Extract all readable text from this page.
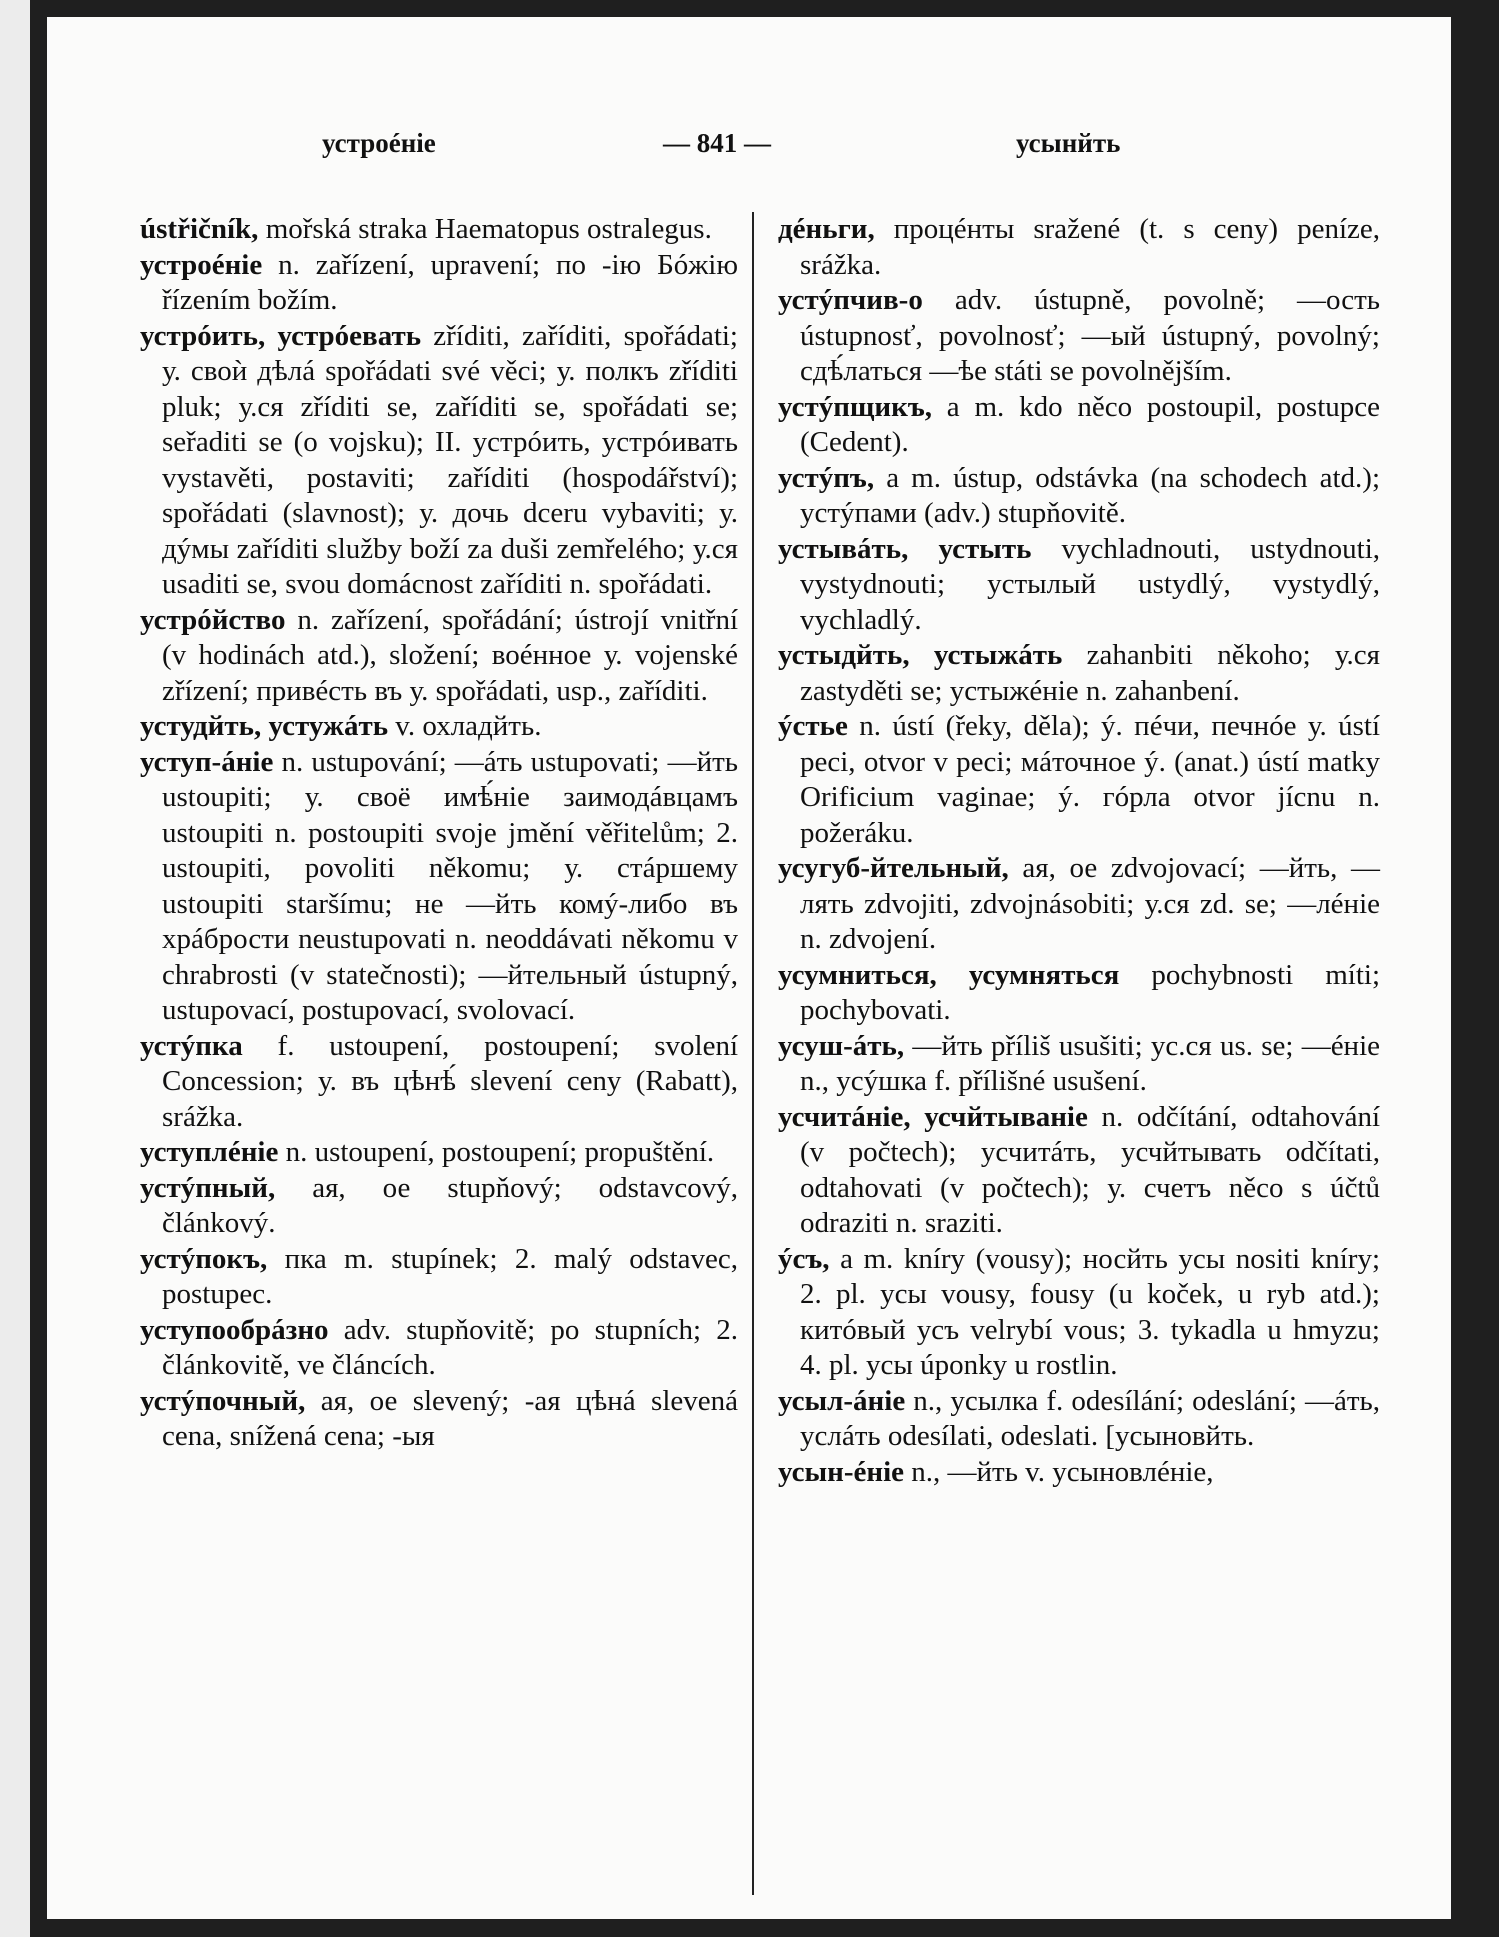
устроéніе	— 841 —	усынйть

ústřičník, mořská straka Haematopus ostralegus.

устроéніе n. zařízení, upravení; по -ію Бóжію řízením božím.

устрóить, устрóевать zříditi, zaříditi, spořádati; у. своѝ дѣлá spořádati své věci; у. полкъ zříditi pluk; у.ся zříditi se, zaříditi se, spořádati se; seřaditi se (o vojsku); II. устрóить, устрóивать vystavěti, postaviti; zaříditi (hospodářství); spořádati (slavnost); у. дочь dceru vybaviti; у. дýмы zaříditi služby boží za duši zemřelého; у.ся usaditi se, svou domácnost zaříditi n. spořádati.

устрóйство n. zařízení, spořádání; ústrojí vnitřní (v hodinách atd.), složení; воéнное у. vojenské zřízení; привéсть въ у. spořádati, usp., zaříditi.

устудйть, устужáть v. охладйть.

уступ-áніе n. ustupování; —áть ustupovati; —йть ustoupiti; у. своё имѣ́ніе заимодáвцамъ ustoupiti n. postoupiti svoje jmění věřitelům; 2. ustoupiti, povoliti někomu; у. стáршему ustoupiti staršímu; не —йть комý-либо въ хрáбрости neustupovati n. neoddávati někomu v chrabrosti (v statečnosti); —йтельный ústupný, ustupovací, postupovací, svolovací.

устýпка f. ustoupení, postoupení; svolení Concession; у. въ цѣнѣ́ slevení ceny (Rabatt), srážka.

уступлéніе n. ustoupení, postoupení; propuštění.

устýпный, ая, ое stupňový; odstavcový, článkový.

устýпокъ, пка m. stupínek; 2. malý odstavec, postupec.

уступообрáзно adv. stupňovitě; po stupních; 2. článkovitě, ve článcích.

устýпочный, ая, ое slevený; -ая цѣнá slevená cena, snížená cena; -ыя

дéньги, процéнты sražené (t. s ceny) peníze, srážka.

устýпчив-о adv. ústupně, povolně; —ость ústupnosť, povolnosť; —ый ústupný, povolný; сдѣ́латься —ѣе státi se povolnějším.

устýпщикъ, а m. kdo něco postoupil, postupce (Cedent).

устýпъ, а m. ústup, odstávka (na schodech atd.); устýпами (adv.) stupňovitě.

устывáть, устыть vychladnouti, ustydnouti, vystydnouti; устылый ustydlý, vystydlý, vychladlý.

устыдйть, устыжáть zahanbiti někoho; у.ся zastyděti se; устыжéніе n. zahanbení.

ýстье n. ústí (řeky, děla); ý. пéчи, печнóе у. ústí peci, otvor v peci; мáточное ý. (anat.) ústí matky Orificium vaginae; ý. гóрла otvor jícnu n. požeráku.

усугуб-йтельный, ая, ое zdvojovací; —йть, —лять zdvojiti, zdvojnásobiti; у.ся zd. se; —лéніе n. zdvojení.

усумниться, усумняться pochybnosti míti; pochybovati.

усуш-áть, —йть příliš usušiti; ус.ся us. se; —éніе n., усýшка f. přílišné usušení.

усчитáніе, усчйтываніе n. odčítání, odtahování (v počtech); усчитáть, усчйтывать odčítati, odtahovati (v počtech); у. счетъ něco s účtů odraziti n. sraziti.

ýсъ, а m. kníry (vousy); носйть усы nositi kníry; 2. pl. усы vousy, fousy (u koček, u ryb atd.); китóвый усъ velrybí vous; 3. tykadla u hmyzu; 4. pl. усы úponky u rostlin.

усыл-áніе n., усылка f. odesílání; odeslání; —áть, услáть odesílati, odeslati. [усыновйть.

усын-éніе n., —йть v. усыновлéніе,
